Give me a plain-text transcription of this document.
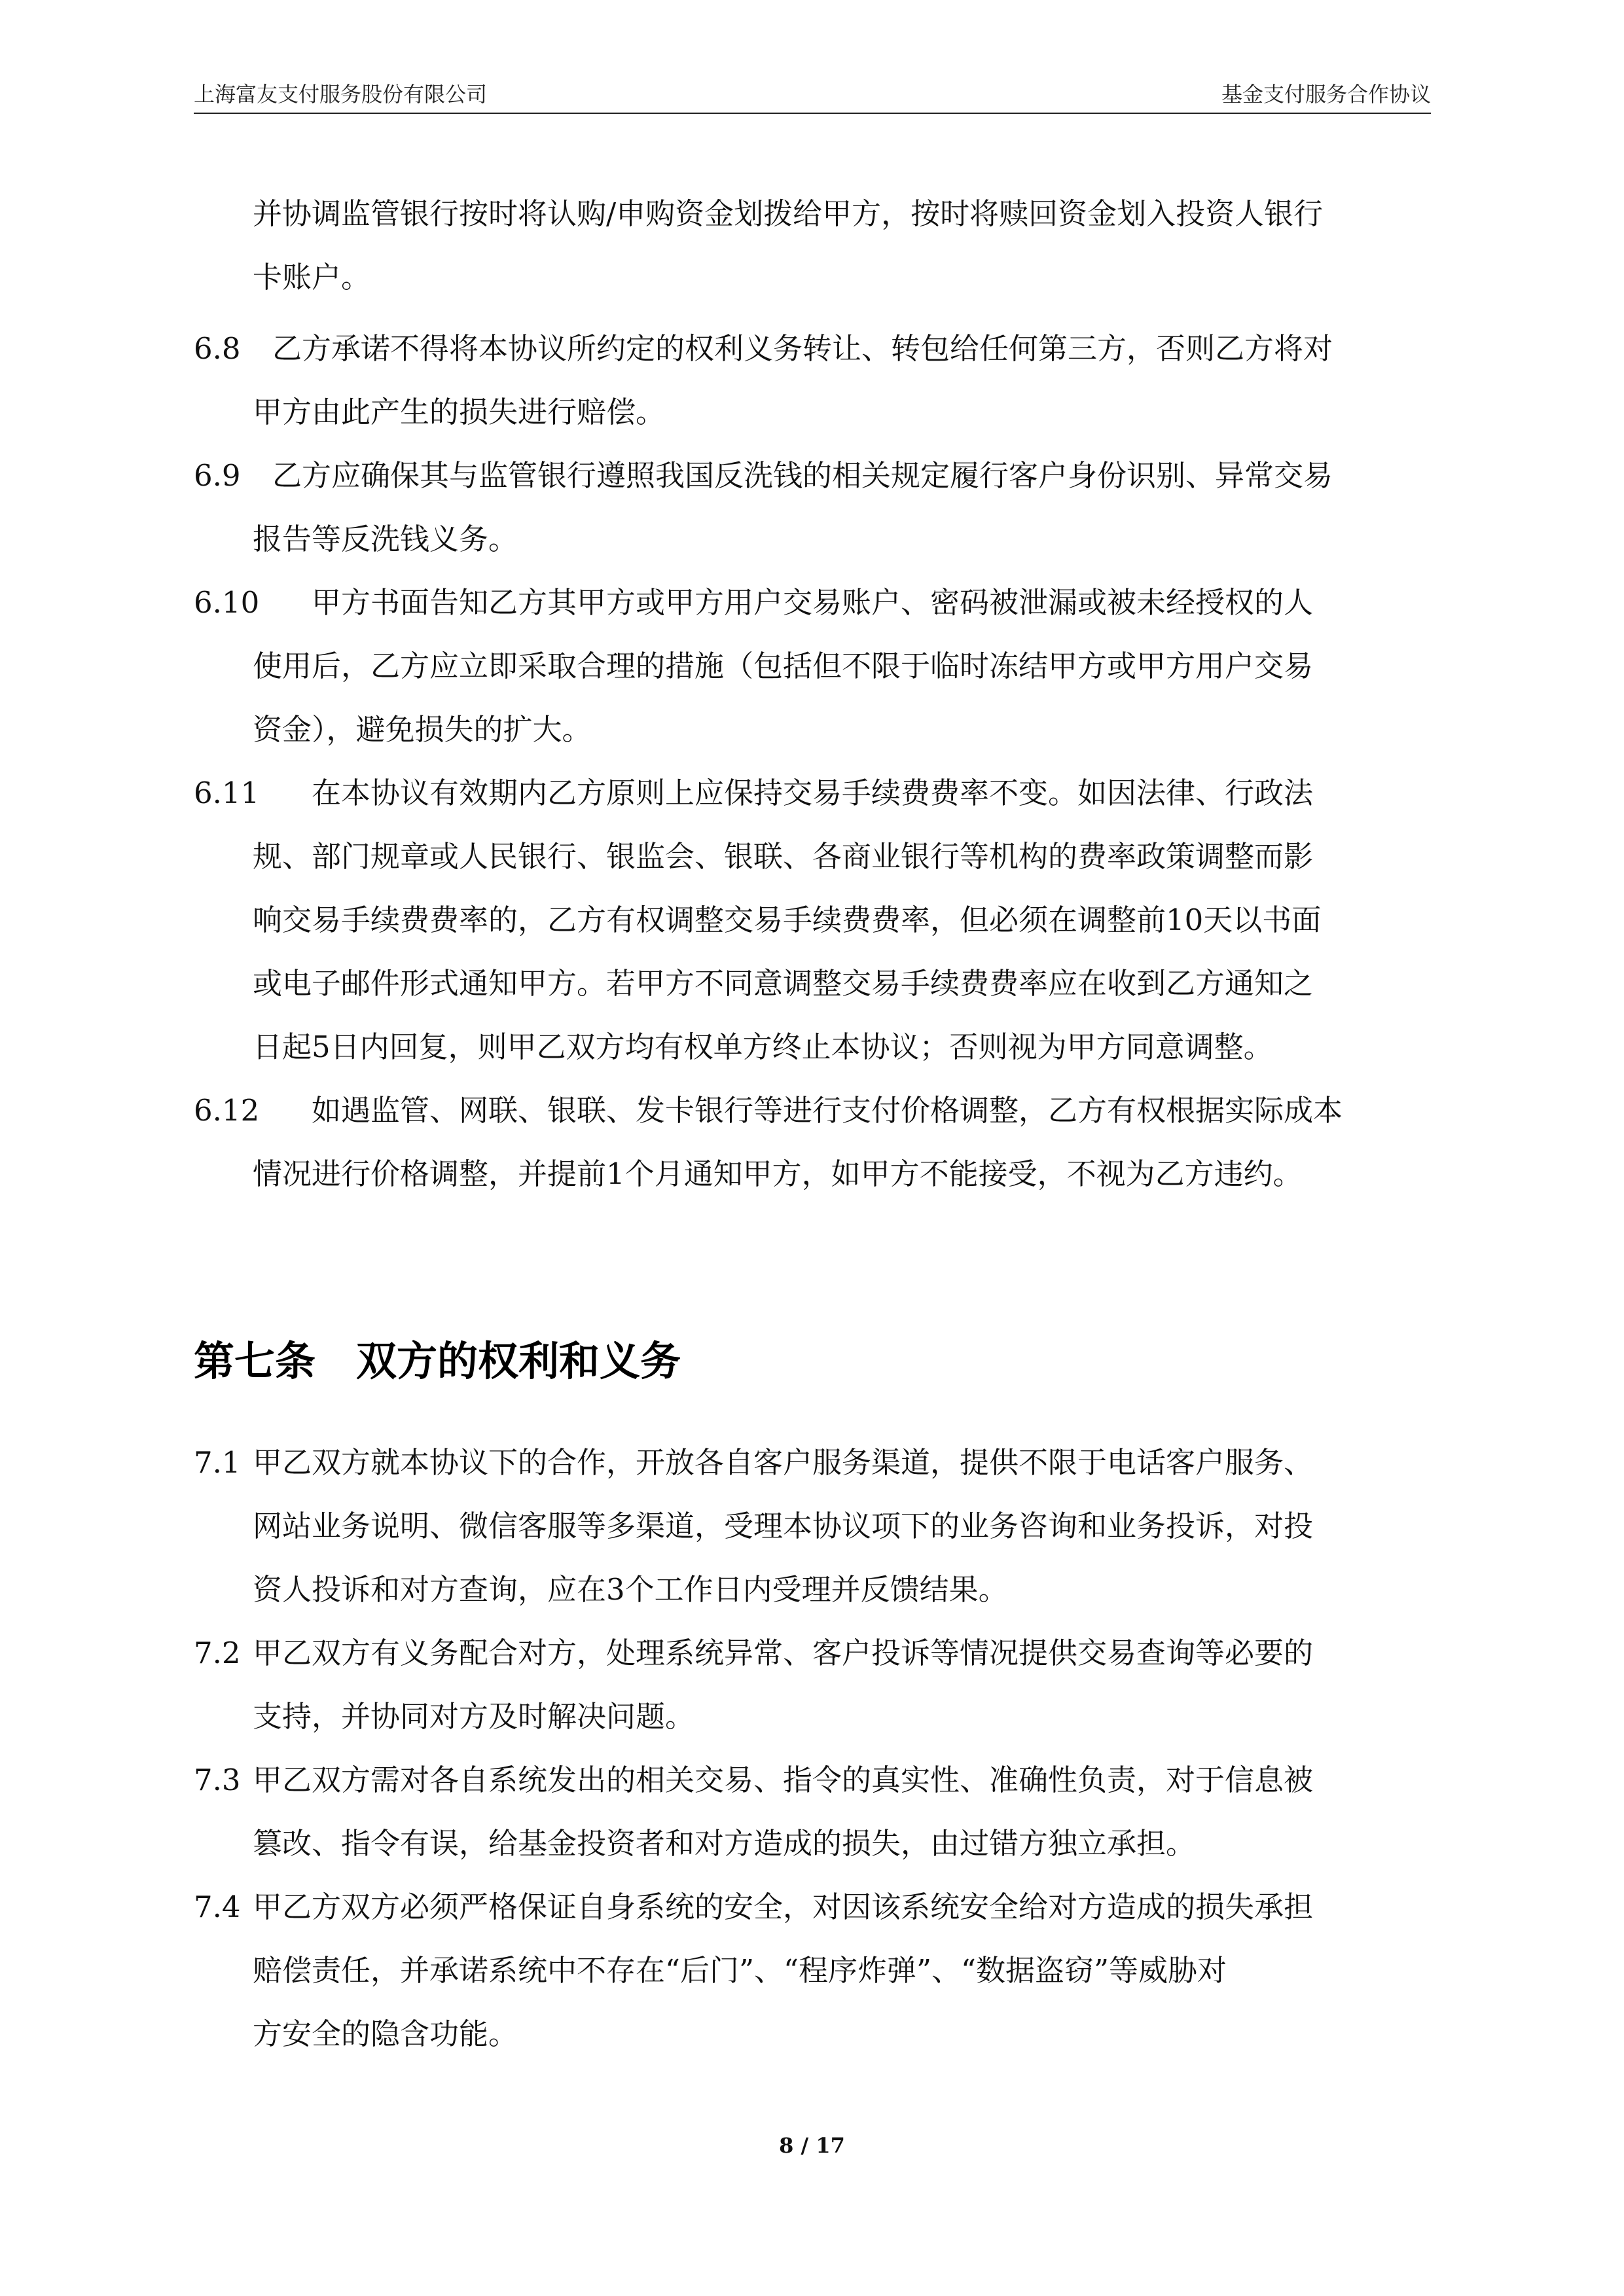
上海富友支付服务股份有限公司	基金支付服务合作协议
并协调监管银行按时将认购/申购资金划拨给甲方，按时将赎回资金划入投资人银行
卡账户。
6.8 乙方承诺不得将本协议所约定的权利义务转让、转包给任何第三方，否则乙方将对
甲方由此产生的损失进行赔偿。
6.9 乙方应确保其与监管银行遵照我国反洗钱的相关规定履行客户身份识别、异常交易
报告等反洗钱义务。
6.10 甲方书面告知乙方其甲方或甲方用户交易账户、密码被泄漏或被未经授权的人
使用后，乙方应立即采取合理的措施（包括但不限于临时冻结甲方或甲方用户交易
资金），避免损失的扩大。
6.11 在本协议有效期内乙方原则上应保持交易手续费费率不变。如因法律、行政法
规、部门规章或人民银行、银监会、银联、各商业银行等机构的费率政策调整而影
响交易手续费费率的，乙方有权调整交易手续费费率，但必须在调整前10天以书面
或电子邮件形式通知甲方。若甲方不同意调整交易手续费费率应在收到乙方通知之
日起5日内回复，则甲乙双方均有权单方终止本协议；否则视为甲方同意调整。
6.12 如遇监管、网联、银联、发卡银行等进行支付价格调整，乙方有权根据实际成本
情况进行价格调整，并提前1个月通知甲方，如甲方不能接受，不视为乙方违约。
第七条　双方的权利和义务
7.1 甲乙双方就本协议下的合作，开放各自客户服务渠道，提供不限于电话客户服务、
网站业务说明、微信客服等多渠道，受理本协议项下的业务咨询和业务投诉，对投
资人投诉和对方查询，应在3个工作日内受理并反馈结果。
7.2 甲乙双方有义务配合对方，处理系统异常、客户投诉等情况提供交易查询等必要的
支持，并协同对方及时解决问题。
7.3 甲乙双方需对各自系统发出的相关交易、指令的真实性、准确性负责，对于信息被
篡改、指令有误，给基金投资者和对方造成的损失，由过错方独立承担。
7.4 甲乙方双方必须严格保证自身系统的安全，对因该系统安全给对方造成的损失承担
赔偿责任，并承诺系统中不存在“后门”、“程序炸弹”、“数据盗窃”等威胁对
方安全的隐含功能。
8 / 17
